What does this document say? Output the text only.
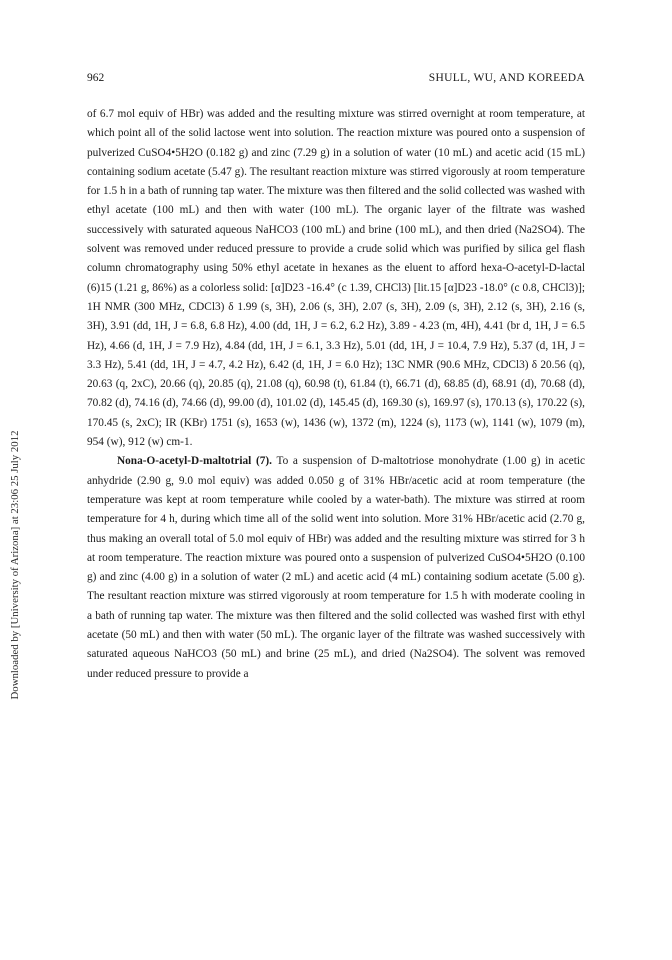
962	SHULL, WU, AND KOREEDA
Downloaded by [University of Arizona] at 23:06 25 July 2012

of 6.7 mol equiv of HBr) was added and the resulting mixture was stirred overnight at room temperature, at which point all of the solid lactose went into solution. The reaction mixture was poured onto a suspension of pulverized CuSO4•5H2O (0.182 g) and zinc (7.29 g) in a solution of water (10 mL) and acetic acid (15 mL) containing sodium acetate (5.47 g). The resultant reaction mixture was stirred vigorously at room temperature for 1.5 h in a bath of running tap water. The mixture was then filtered and the solid collected was washed with ethyl acetate (100 mL) and then with water (100 mL). The organic layer of the filtrate was washed successively with saturated aqueous NaHCO3 (100 mL) and brine (100 mL), and then dried (Na2SO4). The solvent was removed under reduced pressure to provide a crude solid which was purified by silica gel flash column chromatography using 50% ethyl acetate in hexanes as the eluent to afford hexa-O-acetyl-D-lactal (6)15 (1.21 g, 86%) as a colorless solid: [α]D23 -16.4° (c 1.39, CHCl3) [lit.15 [α]D23 -18.0° (c 0.8, CHCl3)]; 1H NMR (300 MHz, CDCl3) δ 1.99 (s, 3H), 2.06 (s, 3H), 2.07 (s, 3H), 2.09 (s, 3H), 2.12 (s, 3H), 2.16 (s, 3H), 3.91 (dd, 1H, J = 6.8, 6.8 Hz), 4.00 (dd, 1H, J = 6.2, 6.2 Hz), 3.89 - 4.23 (m, 4H), 4.41 (br d, 1H, J = 6.5 Hz), 4.66 (d, 1H, J = 7.9 Hz), 4.84 (dd, 1H, J = 6.1, 3.3 Hz), 5.01 (dd, 1H, J = 10.4, 7.9 Hz), 5.37 (d, 1H, J = 3.3 Hz), 5.41 (dd, 1H, J = 4.7, 4.2 Hz), 6.42 (d, 1H, J = 6.0 Hz); 13C NMR (90.6 MHz, CDCl3) δ 20.56 (q), 20.63 (q, 2xC), 20.66 (q), 20.85 (q), 21.08 (q), 60.98 (t), 61.84 (t), 66.71 (d), 68.85 (d), 68.91 (d), 70.68 (d), 70.82 (d), 74.16 (d), 74.66 (d), 99.00 (d), 101.02 (d), 145.45 (d), 169.30 (s), 169.97 (s), 170.13 (s), 170.22 (s), 170.45 (s, 2xC); IR (KBr) 1751 (s), 1653 (w), 1436 (w), 1372 (m), 1224 (s), 1173 (w), 1141 (w), 1079 (m), 954 (w), 912 (w) cm-1.

Nona-O-acetyl-D-maltotrial (7). To a suspension of D-maltotriose monohydrate (1.00 g) in acetic anhydride (2.90 g, 9.0 mol equiv) was added 0.050 g of 31% HBr/acetic acid at room temperature (the temperature was kept at room temperature while cooled by a water-bath). The mixture was stirred at room temperature for 4 h, during which time all of the solid went into solution. More 31% HBr/acetic acid (2.70 g, thus making an overall total of 5.0 mol equiv of HBr) was added and the resulting mixture was stirred for 3 h at room temperature. The reaction mixture was poured onto a suspension of pulverized CuSO4•5H2O (0.100 g) and zinc (4.00 g) in a solution of water (2 mL) and acetic acid (4 mL) containing sodium acetate (5.00 g). The resultant reaction mixture was stirred vigorously at room temperature for 1.5 h with moderate cooling in a bath of running tap water. The mixture was then filtered and the solid collected was washed first with ethyl acetate (50 mL) and then with water (50 mL). The organic layer of the filtrate was washed successively with saturated aqueous NaHCO3 (50 mL) and brine (25 mL), and dried (Na2SO4). The solvent was removed under reduced pressure to provide a
